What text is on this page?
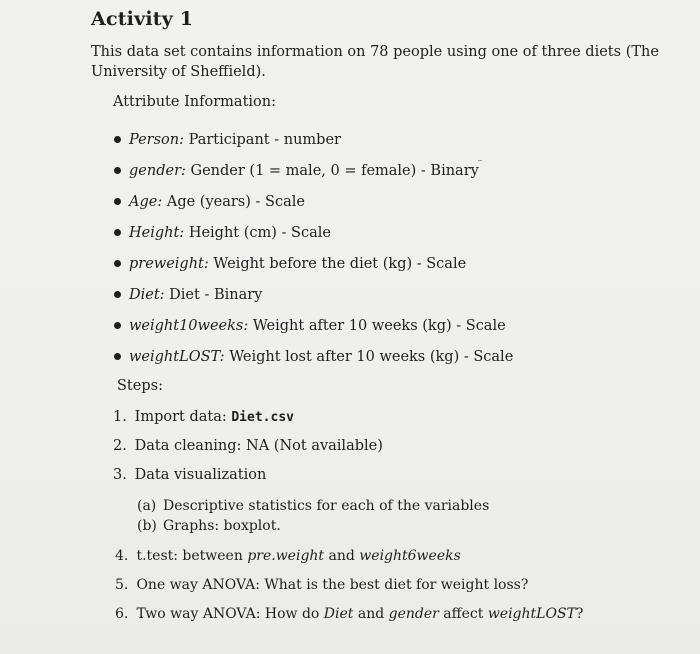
Activity 1
This data set contains information on 78 people using one of three diets (The University of Sheffield).
Attribute Information:
Person:
Participant - number
gender:
Gender (1 = male, 0 = female) - Binary
Age:
Age (years) - Scale
Height:
Height (cm) - Scale
preweight:
Weight before the diet (kg) - Scale
Diet:
Diet - Binary
weight10weeks:
Weight after 10 weeks (kg) - Scale
weightLOST:
Weight lost after 10 weeks (kg) - Scale
Steps:
1. Import data: Diet.csv
2. Data cleaning: NA (Not available)
3. Data visualization
(a) Descriptive statistics for each of the variables
(b) Graphs: boxplot.
4. t.test: between pre.weight and weight6weeks
5. One way ANOVA: What is the best diet for weight loss?
6. Two way ANOVA: How do Diet and gender affect weightLOST?
